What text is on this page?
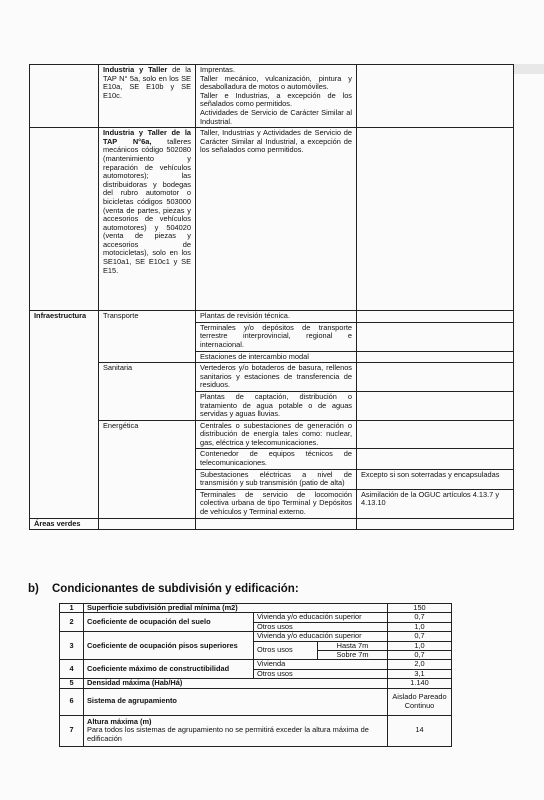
	Industria y Taller de la TAP N° 5a, solo en los SE E10a, SE E10b y SE E10c.	Imprentas.
Taller mecánico, vulcanización, pintura y desabolladura de motos o automóviles.
Taller e Industrias, a excepción de los señalados como permitidos.
Actividades de Servicio de Carácter Similar al Industrial.	

	Industria y Taller de la TAP N°6a, talleres mecánicos código 502080 (mantenimiento y reparación de vehículos automotores); las distribuidoras y bodegas del rubro automotor o bicicletas códigos 503000 (venta de partes, piezas y accesorios de vehículos automotores) y 504020 (venta de piezas y accesorios de motocicletas), solo en los SE10a1, SE E10c1 y SE E15.	Taller, Industrias y Actividades de Servicio de Carácter Similar al Industrial, a excepción de los señalados como permitidos.	
Infraestructura	Transporte	Plantas de revisión técnica.	
		Terminales y/o depósitos de transporte terrestre interprovincial, regional e internacional.	
		Estaciones de intercambio modal	
	Sanitaria	Vertederos y/o botaderos de basura, rellenos sanitarios y estaciones de transferencia de residuos.	
		Plantas de captación, distribución o tratamiento de agua potable o de aguas servidas y aguas lluvias.	
	Energética	Centrales o subestaciones de generación o distribución de energía tales como: nuclear, gas, eléctrica y telecomunicaciones.	
		Contenedor de equipos técnicos de telecomunicaciones.	
		Subestaciones eléctricas a nivel de transmisión y sub transmisión (patio de alta)	Excepto si son soterradas y encapsuladas
		Terminales de servicio de locomoción colectiva urbana de tipo Terminal y Depósitos de vehículos y Terminal externo.	Asimilación de la OGUC artículos 4.13.7 y 4.13.10
Áreas verdes			
b) Condicionantes de subdivisión y edificación:
1	Superficie subdivisión predial mínima (m2)			150
2	Coeficiente de ocupación del suelo	Vivienda y/o educación superior		0,7
		Otros usos		1,0
3	Coeficiente de ocupación pisos superiores	Vivienda y/o educación superior		0,7
		Otros usos	Hasta 7m	1,0
			Sobre 7m	0,7
4	Coeficiente máximo de constructibilidad	Vivienda		2,0
		Otros usos		3,1
5	Densidad máxima (Hab/Há)			1.140
6	Sistema de agrupamiento			Aislado Pareado Continuo
7	Altura máxima (m)
Para todos los sistemas de agrupamiento no se permitirá exceder la altura máxima de edificación			14
